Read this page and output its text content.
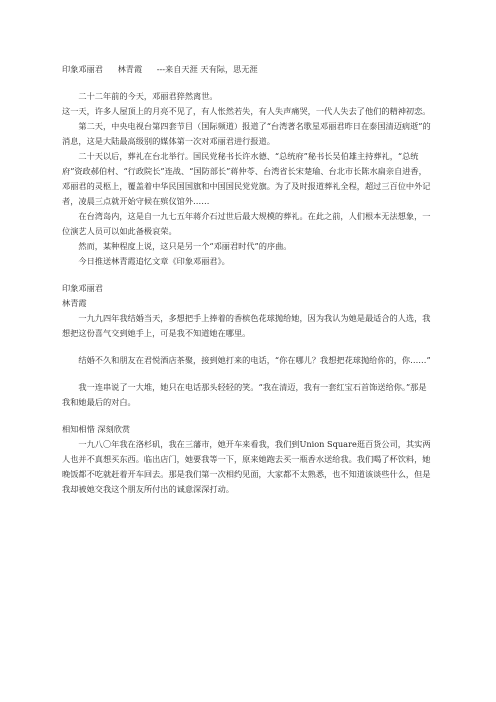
印象邓丽君 林青霞 ---来自天涯 天有际，思无涯

二十二年前的今天，邓丽君猝然离世。

这一天，许多人屋顶上的月亮不见了，有人怅然若失，有人失声痛哭，一代人失去了他们的精神初恋。

第二天，中央电视台第四套节目（国际频道）报道了“台湾著名歌星邓丽君昨日在泰国清迈病逝”的消息，这是大陆最高级别的媒体第一次对邓丽君进行报道。

二十天以后，葬礼在台北举行。国民党秘书长许水德、“总统府”秘书长吴伯雄主持葬礼，“总统府”资政郝伯村、“行政院长”连战、“国防部长”蒋仲苓、台湾省长宋楚瑜、台北市长陈水扁亲自进香，邓丽君的灵柩上，覆盖着中华民国国旗和中国国民党党旗。为了及时报道葬礼全程，超过三百位中外记者，凌晨三点就开始守候在殡仪馆外……

在台湾岛内，这是自一九七五年蒋介石过世后最大规模的葬礼。在此之前，人们根本无法想象，一位演艺人员可以如此备极哀荣。

然而，某种程度上说，这只是另一个“邓丽君时代”的序曲。

今日推送林青霞追忆文章《印象邓丽君》。

印象邓丽君

林青霞

一九九四年我结婚当天，多想把手上捧着的香槟色花球抛给她，因为我认为她是最适合的人选，我想把这份喜气交到她手上，可是我不知道她在哪里。

结婚不久和朋友在君悦酒店茶聚，接到她打来的电话，“你在哪儿？我想把花球抛给你的，你……”

我一连串说了一大堆，她只在电话那头轻轻的笑。“我在清迈，我有一套红宝石首饰送给你。”那是我和她最后的对白。

相知相惜 深刻欣赏

一九八〇年我在洛杉矶，我在三藩市，她开车来看我，我们到Union Square逛百货公司，其实两人也并不真想买东西。临出店门，她要我等一下，原来她跑去买一瓶香水送给我。我们喝了杯饮料，她晚饭都不吃就赶着开车回去。那是我们第一次相约见面，大家都不太熟悉，也不知道该谈些什么，但是我却被她交我这个朋友所付出的诚意深深打动。
